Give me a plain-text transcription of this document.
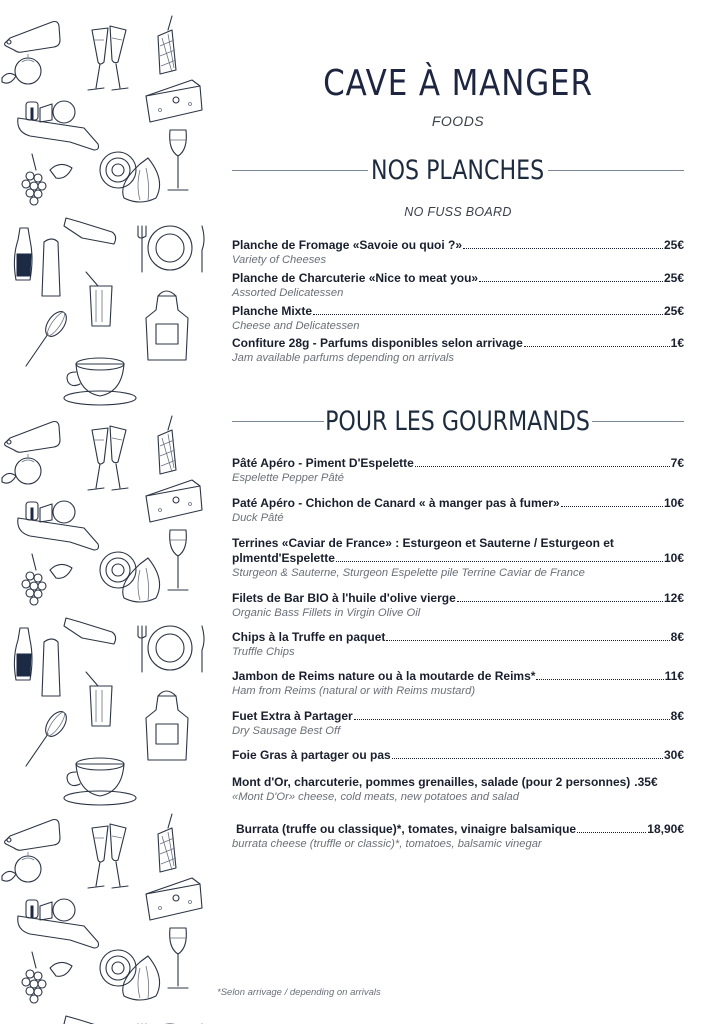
CAVE À MANGER
FOODS
NOS PLANCHES
NO FUSS BOARD
Planche de Fromage «Savoie ou quoi ?»	25€
Variety of Cheeses
Planche de Charcuterie «Nice to meat you»	25€
Assorted Delicatessen
Planche Mixte	25€
Cheese and Delicatessen
Confiture 28g - Parfums disponibles selon arrivage	1€
Jam available parfums depending on arrivals
POUR LES GOURMANDS
Pâté Apéro - Piment D'Espelette	7€
Espelette Pepper Pâté
Paté Apéro - Chichon de Canard « à manger pas à fumer»	10€
Duck Pâté
Terrines «Caviar de France» : Esturgeon et Sauterne / Esturgeon et
plmentd'Espelette	10€
Sturgeon & Sauterne, Sturgeon Espelette pile Terrine Caviar de France
Filets de Bar BIO à l'huile d'olive vierge	12€
Organic Bass Fillets in Virgin Olive Oil
Chips à la Truffe en paquet	8€
Truffle Chips
Jambon de Reims nature ou à la moutarde de Reims*	11€
Ham from Reims (natural or with Reims mustard)
Fuet Extra à Partager	8€
Dry Sausage Best Off
Foie Gras à partager ou pas	30€
Mont d'Or, charcuterie, pommes grenailles, salade (pour 2 personnes) .35€
«Mont D'Or» cheese, cold meats, new potatoes and salad
Burrata (truffe ou classique)*, tomates, vinaigre balsamique	18,90€
burrata cheese (truffle or classic)*, tomatoes, balsamic vinegar
*Selon arrivage / depending on arrivals
